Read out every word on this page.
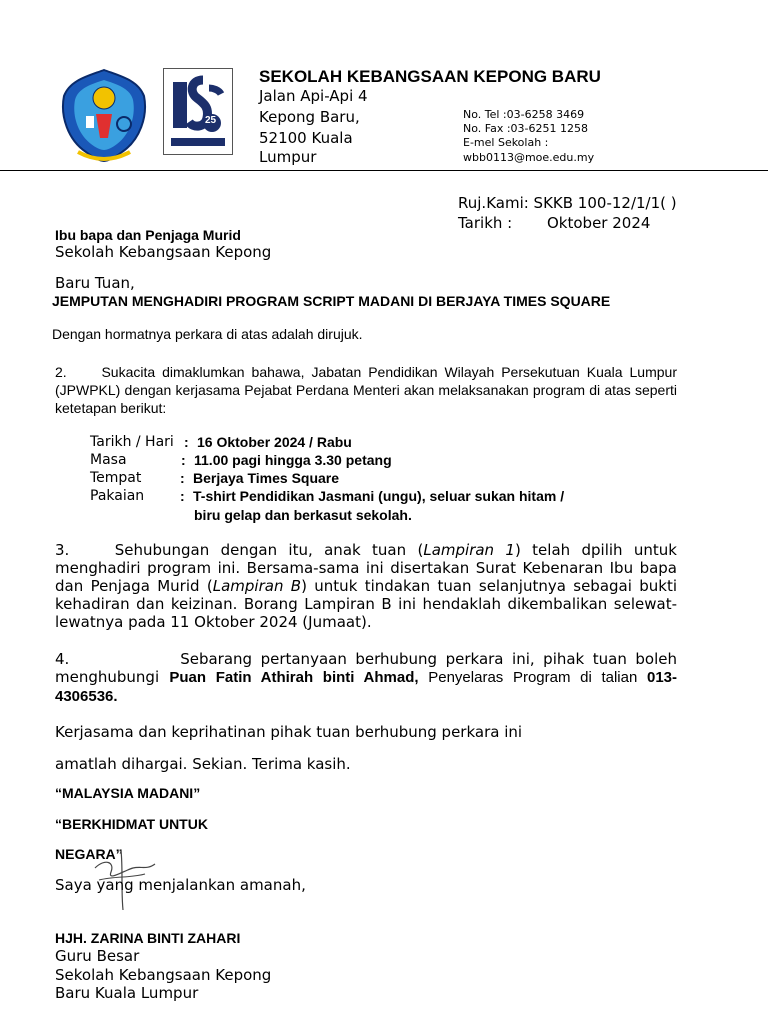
25
SEKOLAH KEBANGSAAN KEPONG BARU
Jalan Api-Api 4
Kepong Baru,
52100 Kuala
Lumpur
No. Tel :03-6258 3469
No. Fax :03-6251 1258
E-mel Sekolah :
wbb0113@moe.edu.my
Ruj.Kami: SKKB 100-12/1/1( )
Tarikh : Oktober 2024
Ibu bapa dan Penjaga Murid
Sekolah Kebangsaan Kepong
Baru Tuan,
JEMPUTAN MENGHADIRI PROGRAM SCRIPT MADANI DI BERJAYA TIMES SQUARE
Dengan hormatnya perkara di atas adalah dirujuk.
2. Sukacita dimaklumkan bahawa, Jabatan Pendidikan Wilayah Persekutuan Kuala Lumpur (JPWPKL) dengan kerjasama Pejabat Perdana Menteri akan melaksanakan program di atas seperti ketetapan berikut:
Tarikh / Hari : 16 Oktober 2024 / Rabu
Masa	: 11.00 pagi hingga 3.30 petang
Tempat	: Berjaya Times Square
Pakaian	: T-shirt Pendidikan Jasmani (ungu), seluar sukan hitam /
biru gelap dan berkasut sekolah.
3.	Sehubungan dengan itu, anak tuan (Lampiran 1) telah dpilih untuk menghadiri program ini. Bersama-sama ini disertakan Surat Kebenaran Ibu bapa dan Penjaga Murid (Lampiran B) untuk tindakan tuan selanjutnya sebagai bukti kehadiran dan keizinan. Borang Lampiran B ini hendaklah dikembalikan selewat-lewatnya pada 11 Oktober 2024 (Jumaat).
4.	Sebarang pertanyaan berhubung perkara ini, pihak tuan boleh menghubungi Puan Fatin Athirah binti Ahmad, Penyelaras Program di talian 013-4306536.
Kerjasama dan keprihatinan pihak tuan berhubung perkara ini
amatlah dihargai. Sekian. Terima kasih.
“MALAYSIA MADANI”
“BERKHIDMAT UNTUK
NEGARA”
Saya yang menjalankan amanah,
HJH. ZARINA BINTI ZAHARI
Guru Besar
Sekolah Kebangsaan Kepong
Baru Kuala Lumpur
